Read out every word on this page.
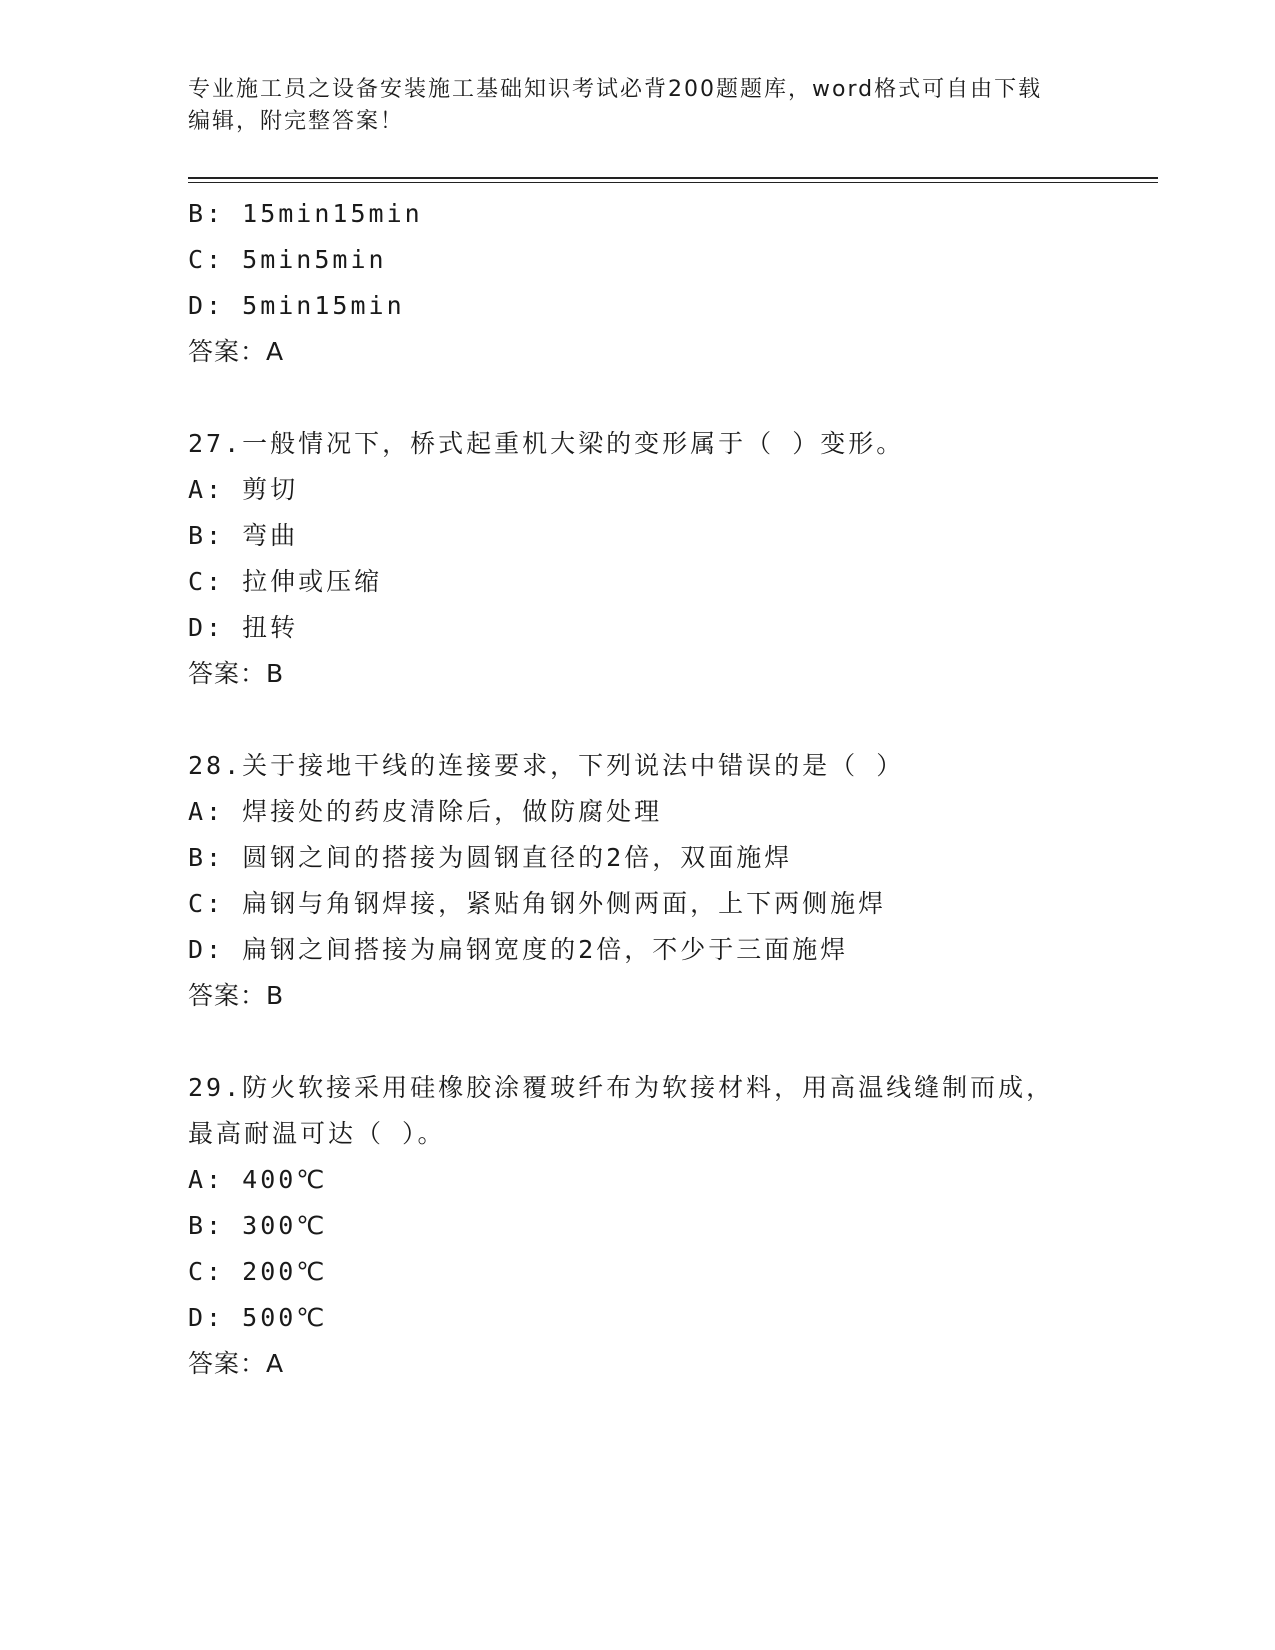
专业施工员之设备安装施工基础知识考试必背200题题库，word格式可自由下载
编辑，附完整答案！
B: 15min15min
C: 5min5min
D: 5min15min
答案：A
27.一般情况下，桥式起重机大梁的变形属于（ ）变形。
A: 剪切
B: 弯曲
C: 拉伸或压缩
D: 扭转
答案：B
28.关于接地干线的连接要求，下列说法中错误的是（ ）
A: 焊接处的药皮清除后，做防腐处理
B: 圆钢之间的搭接为圆钢直径的2倍，双面施焊
C: 扁钢与角钢焊接，紧贴角钢外侧两面，上下两侧施焊
D: 扁钢之间搭接为扁钢宽度的2倍，不少于三面施焊
答案：B
29.防火软接采用硅橡胶涂覆玻纤布为软接材料，用高温线缝制而成，
最高耐温可达（ ）。
A: 400℃
B: 300℃
C: 200℃
D: 500℃
答案：A
